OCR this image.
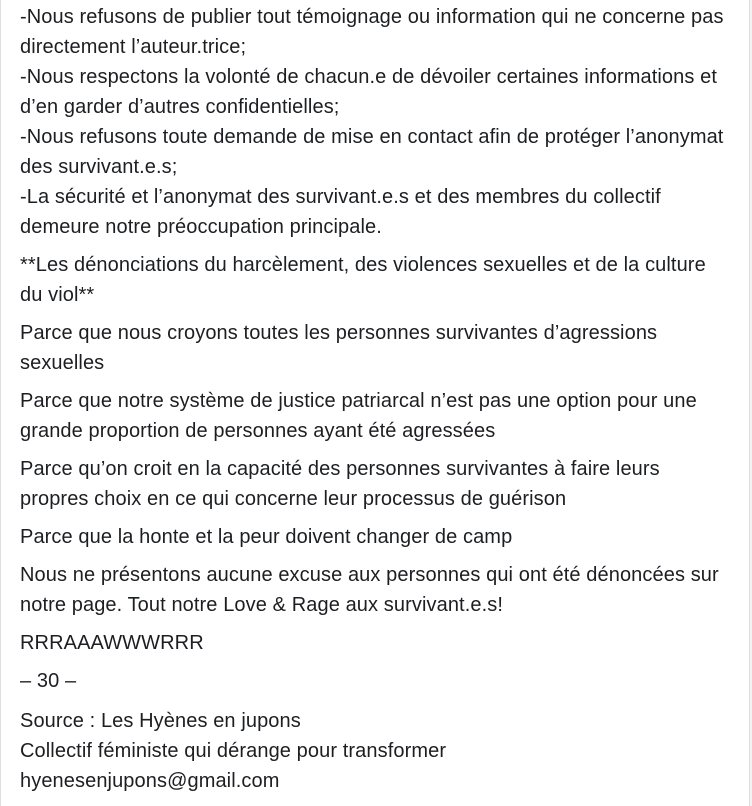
-Nous refusons de publier tout témoignage ou information qui ne concerne pas directement l’auteur.trice;
-Nous respectons la volonté de chacun.e de dévoiler certaines informations et d’en garder d’autres confidentielles;
-Nous refusons toute demande de mise en contact afin de protéger l’anonymat des survivant.e.s;
-La sécurité et l’anonymat des survivant.e.s et des membres du collectif demeure notre préoccupation principale.

**Les dénonciations du harcèlement, des violences sexuelles et de la culture du viol**

Parce que nous croyons toutes les personnes survivantes d’agressions sexuelles

Parce que notre système de justice patriarcal n’est pas une option pour une grande proportion de personnes ayant été agressées

Parce qu’on croit en la capacité des personnes survivantes à faire leurs propres choix en ce qui concerne leur processus de guérison

Parce que la honte et la peur doivent changer de camp

Nous ne présentons aucune excuse aux personnes qui ont été dénoncées sur notre page. Tout notre Love & Rage aux survivant.e.s!

RRRAAAWWWRRR

– 30 –

Source : Les Hyènes en jupons
Collectif féministe qui dérange pour transformer
hyenesenjupons@gmail.com
